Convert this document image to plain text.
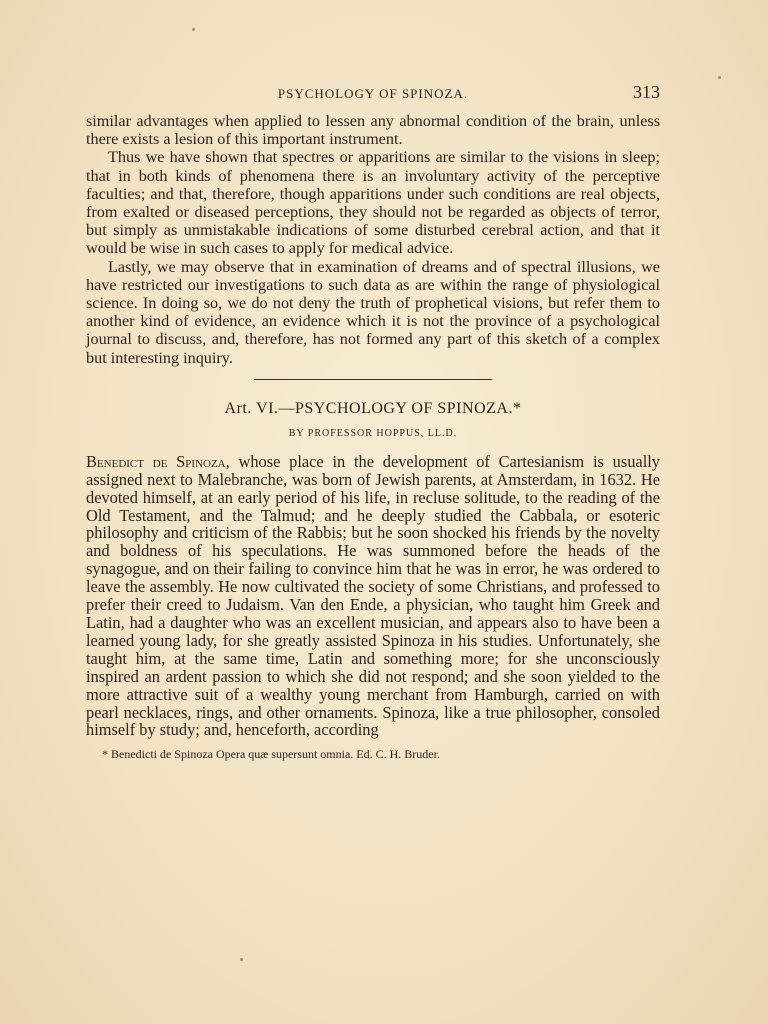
PSYCHOLOGY OF SPINOZA.	313

similar advantages when applied to lessen any abnormal condition of the brain, unless there exists a lesion of this important instrument.

Thus we have shown that spectres or apparitions are similar to the visions in sleep; that in both kinds of phenomena there is an involuntary activity of the perceptive faculties; and that, therefore, though apparitions under such conditions are real objects, from exalted or diseased perceptions, they should not be regarded as objects of terror, but simply as unmistakable indications of some disturbed cerebral action, and that it would be wise in such cases to apply for medical advice.

Lastly, we may observe that in examination of dreams and of spectral illusions, we have restricted our investigations to such data as are within the range of physiological science. In doing so, we do not deny the truth of prophetical visions, but refer them to another kind of evidence, an evidence which it is not the province of a psychological journal to discuss, and, therefore, has not formed any part of this sketch of a complex but interesting inquiry.

Art. VI.—PSYCHOLOGY OF SPINOZA.*
BY PROFESSOR HOPPUS, LL.D.

Benedict de Spinoza, whose place in the development of Cartesianism is usually assigned next to Malebranche, was born of Jewish parents, at Amsterdam, in 1632. He devoted himself, at an early period of his life, in recluse solitude, to the reading of the Old Testament, and the Talmud; and he deeply studied the Cabbala, or esoteric philosophy and criticism of the Rabbis; but he soon shocked his friends by the novelty and boldness of his speculations. He was summoned before the heads of the synagogue, and on their failing to convince him that he was in error, he was ordered to leave the assembly. He now cultivated the society of some Christians, and professed to prefer their creed to Judaism. Van den Ende, a physician, who taught him Greek and Latin, had a daughter who was an excellent musician, and appears also to have been a learned young lady, for she greatly assisted Spinoza in his studies. Unfortunately, she taught him, at the same time, Latin and something more; for she unconsciously inspired an ardent passion to which she did not respond; and she soon yielded to the more attractive suit of a wealthy young merchant from Hamburgh, carried on with pearl necklaces, rings, and other ornaments. Spinoza, like a true philosopher, consoled himself by study; and, henceforth, according

* Benedicti de Spinoza Opera quæ supersunt omnia. Ed. C. H. Bruder.
